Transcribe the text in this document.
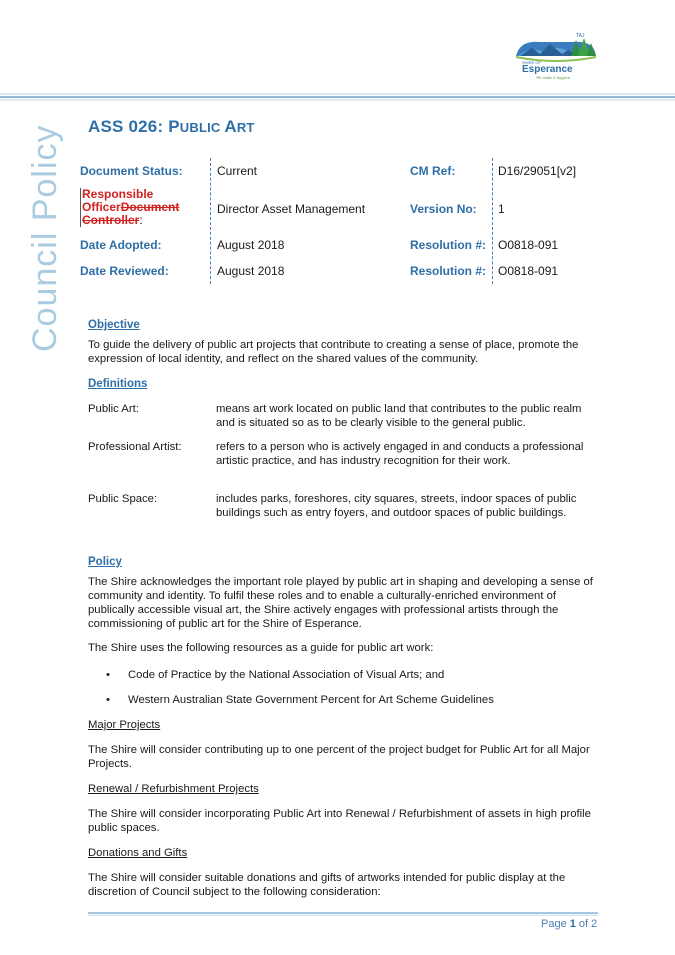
TAJ
SHIRE OF
Esperance
We make it happen
Council Policy ASS 026: PUBLIC ART
Document Status:	Current	CM Ref:	D16/29051[v2]
Responsible
OfficerDocument
Controller:
Director Asset Management	Version No: 1
Date Adopted:	August 2018	Resolution #: O0818-091
Date Reviewed:	August 2018	Resolution #: O0818-091
Objective
To guide the delivery of public art projects that contribute to creating a sense of place, promote the expression of local identity, and reflect on the shared values of the community.
Definitions
Public Art:	means art work located on public land that contributes to the public realm and is situated so as to be clearly visible to the general public.
Professional Artist:	refers to a person who is actively engaged in and conducts a professional artistic practice, and has industry recognition for their work.
Public Space:	includes parks, foreshores, city squares, streets, indoor spaces of public buildings such as entry foyers, and outdoor spaces of public buildings.
Policy
The Shire acknowledges the important role played by public art in shaping and developing a sense of community and identity. To fulfil these roles and to enable a culturally-enriched environment of publically accessible visual art, the Shire actively engages with professional artists through the commissioning of public art for the Shire of Esperance.
The Shire uses the following resources as a guide for public art work:
• Code of Practice by the National Association of Visual Arts; and
• Western Australian State Government Percent for Art Scheme Guidelines
Major Projects
The Shire will consider contributing up to one percent of the project budget for Public Art for all Major Projects.
Renewal / Refurbishment Projects
The Shire will consider incorporating Public Art into Renewal / Refurbishment of assets in high profile public spaces.
Donations and Gifts
The Shire will consider suitable donations and gifts of artworks intended for public display at the discretion of Council subject to the following consideration:
Page 1 of 2
